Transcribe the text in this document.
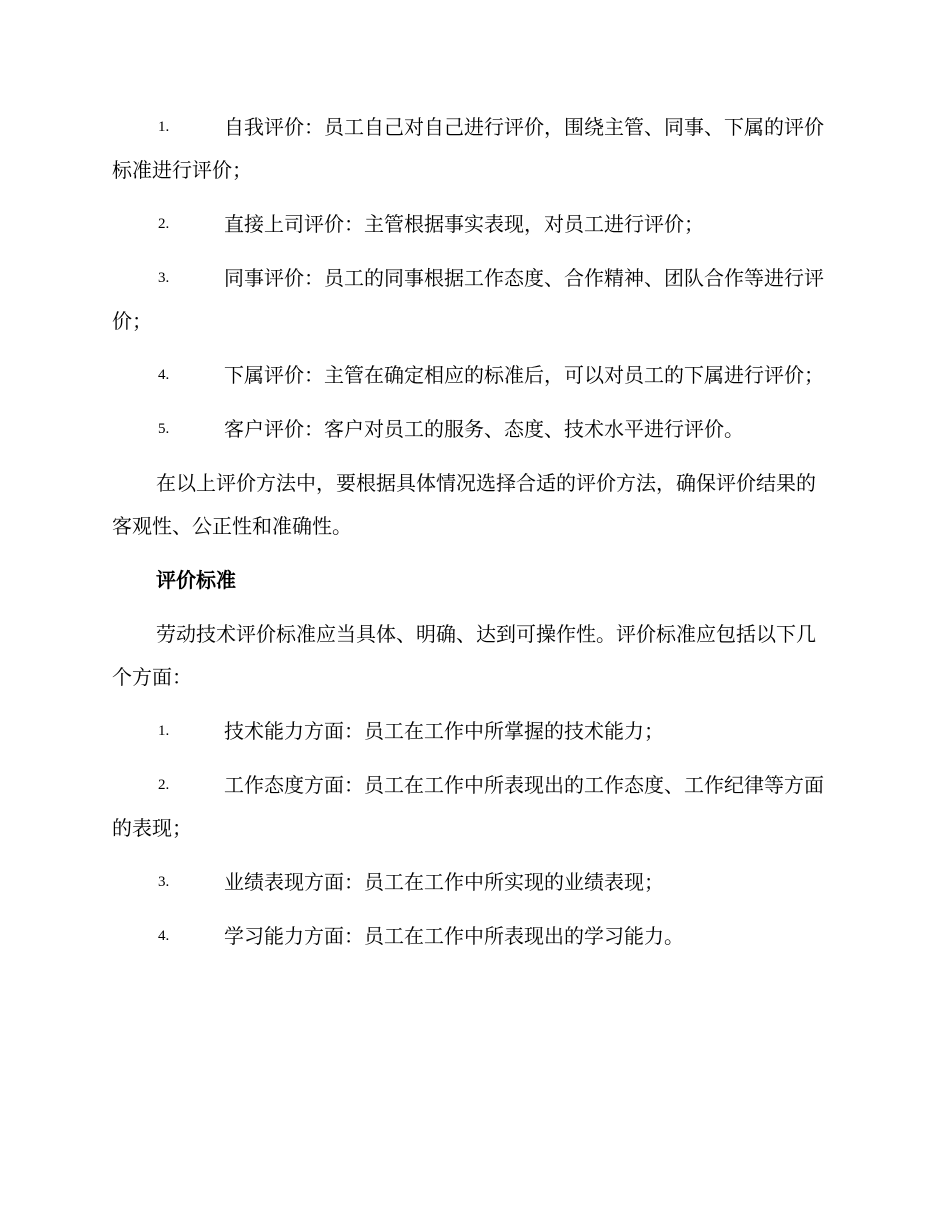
1.	自我评价：员工自己对自己进行评价，围绕主管、同事、下属的评价标准进行评价；
2.	直接上司评价：主管根据事实表现，对员工进行评价；
3.	同事评价：员工的同事根据工作态度、合作精神、团队合作等进行评价；
4.	下属评价：主管在确定相应的标准后，可以对员工的下属进行评价；
5.	客户评价：客户对员工的服务、态度、技术水平进行评价。

在以上评价方法中，要根据具体情况选择合适的评价方法，确保评价结果的客观性、公正性和准确性。

评价标准

劳动技术评价标准应当具体、明确、达到可操作性。评价标准应包括以下几个方面：

1.	技术能力方面：员工在工作中所掌握的技术能力；
2.	工作态度方面：员工在工作中所表现出的工作态度、工作纪律等方面的表现；
3.	业绩表现方面：员工在工作中所实现的业绩表现；
4.	学习能力方面：员工在工作中所表现出的学习能力。
